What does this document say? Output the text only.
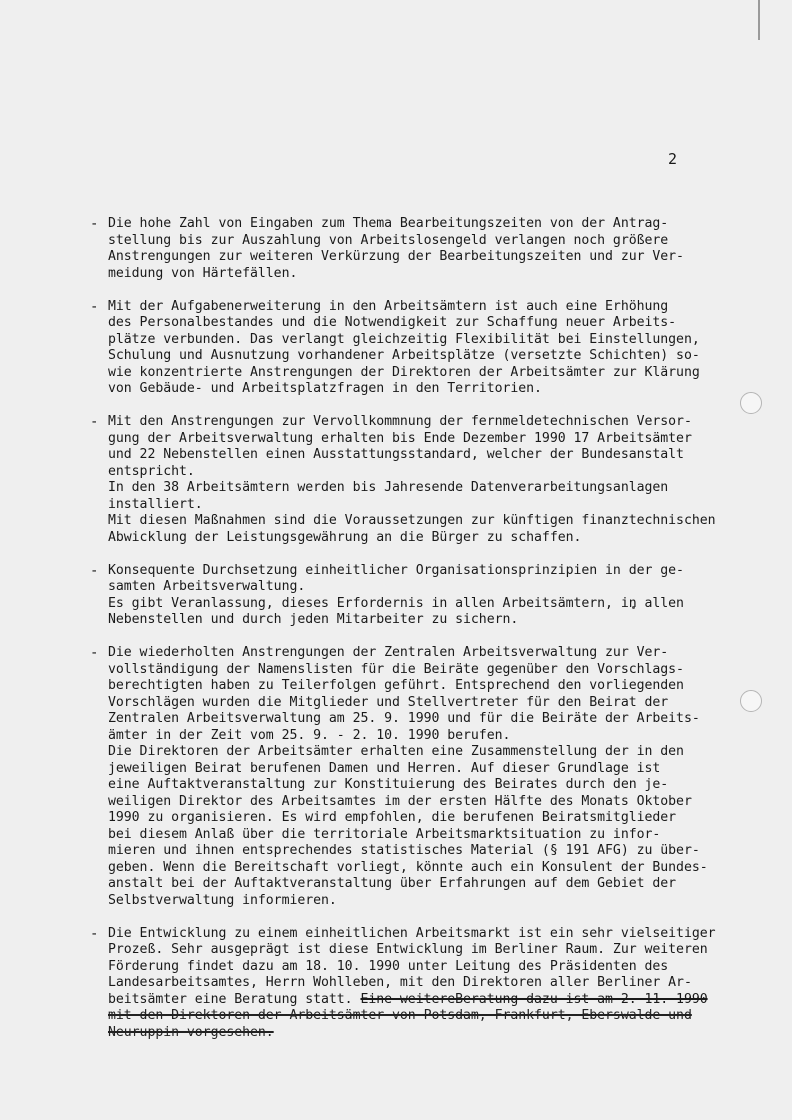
2
- Die hohe Zahl von Eingaben zum Thema Bearbeitungszeiten von der Antrag-
stellung bis zur Auszahlung von Arbeitslosengeld verlangen noch größere
Anstrengungen zur weiteren Verkürzung der Bearbeitungszeiten und zur Ver-
meidung von Härtefällen.
- Mit der Aufgabenerweiterung in den Arbeitsämtern ist auch eine Erhöhung
des Personalbestandes und die Notwendigkeit zur Schaffung neuer Arbeits-
plätze verbunden. Das verlangt gleichzeitig Flexibilität bei Einstellungen,
Schulung und Ausnutzung vorhandener Arbeitsplätze (versetzte Schichten) so-
wie konzentrierte Anstrengungen der Direktoren der Arbeitsämter zur Klärung
von Gebäude- und Arbeitsplatzfragen in den Territorien.
- Mit den Anstrengungen zur Vervollkommnung der fernmeldetechnischen Versor-
gung der Arbeitsverwaltung erhalten bis Ende Dezember 1990 17 Arbeitsämter
und 22 Nebenstellen einen Ausstattungsstandard, welcher der Bundesanstalt
entspricht.
In den 38 Arbeitsämtern werden bis Jahresende Datenverarbeitungsanlagen
installiert.
Mit diesen Maßnahmen sind die Voraussetzungen zur künftigen finanztechnischen
Abwicklung der Leistungsgewährung an die Bürger zu schaffen.
- Konsequente Durchsetzung einheitlicher Organisationsprinzipien in der ge-
samten Arbeitsverwaltung.
Es gibt Veranlassung, dieses Erfordernis in allen Arbeitsämtern, in allen
Nebenstellen und durch jeden Mitarbeiter zu sichern.
- Die wiederholten Anstrengungen der Zentralen Arbeitsverwaltung zur Ver-
vollständigung der Namenslisten für die Beiräte gegenüber den Vorschlags-
berechtigten haben zu Teilerfolgen geführt. Entsprechend den vorliegenden
Vorschlägen wurden die Mitglieder und Stellvertreter für den Beirat der
Zentralen Arbeitsverwaltung am 25. 9. 1990 und für die Beiräte der Arbeits-
ämter in der Zeit vom 25. 9. - 2. 10. 1990 berufen.
Die Direktoren der Arbeitsämter erhalten eine Zusammenstellung der in den
jeweiligen Beirat berufenen Damen und Herren. Auf dieser Grundlage ist
eine Auftaktveranstaltung zur Konstituierung des Beirates durch den je-
weiligen Direktor des Arbeitsamtes im der ersten Hälfte des Monats Oktober
1990 zu organisieren. Es wird empfohlen, die berufenen Beiratsmitglieder
bei diesem Anlaß über die territoriale Arbeitsmarktsituation zu infor-
mieren und ihnen entsprechendes statistisches Material (§ 191 AFG) zu über-
geben. Wenn die Bereitschaft vorliegt, könnte auch ein Konsulent der Bundes-
anstalt bei der Auftaktveranstaltung über Erfahrungen auf dem Gebiet der
Selbstverwaltung informieren.
- Die Entwicklung zu einem einheitlichen Arbeitsmarkt ist ein sehr vielseitiger
Prozeß. Sehr ausgeprägt ist diese Entwicklung im Berliner Raum. Zur weiteren
Förderung findet dazu am 18. 10. 1990 unter Leitung des Präsidenten des
Landesarbeitsamtes, Herrn Wohlleben, mit den Direktoren aller Berliner Ar-
beitsämter eine Beratung statt. Eine weitereBeratung dazu ist am 2. 11. 1990
mit den Direktoren der Arbeitsämter von Potsdam, Frankfurt, Eberswalde und
Neuruppin vorgesehen.
